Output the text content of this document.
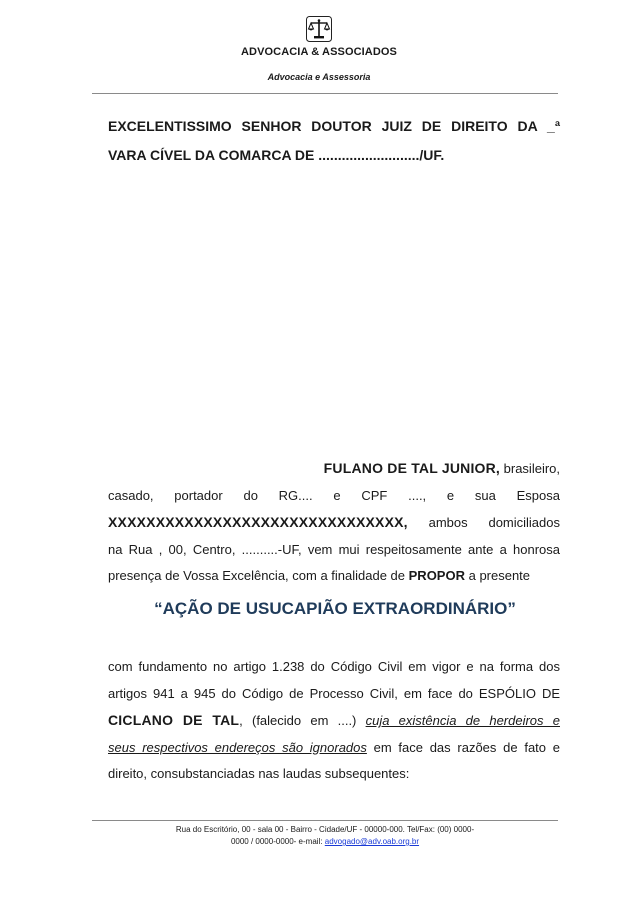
ADVOCACIA & ASSOCIADOS
Advocacia e Assessoria
EXCELENTISSIMO SENHOR DOUTOR JUIZ DE DIREITO DA _ª
VARA CÍVEL DA COMARCA DE ........................../UF.
FULANO DE TAL JUNIOR, brasileiro,
casado, portador do RG.... e CPF ...., e sua Esposa
XXXXXXXXXXXXXXXXXXXXXXXXXXXXXXX, ambos domiciliados
na Rua , 00, Centro, ..........-UF, vem mui respeitosamente ante a honrosa
presença de Vossa Excelência, com a finalidade de PROPOR a presente
“AÇÃO DE USUCAPIÃO EXTRAORDINÁRIO”
com fundamento no artigo 1.238 do Código Civil em vigor e na forma dos
artigos 941 a 945 do Código de Processo Civil, em face do ESPÓLIO DE
CICLANO DE TAL, (falecido em ....) cuja existência de herdeiros e
seus respectivos endereços são ignorados em face das razões de fato e
direito, consubstanciadas nas laudas subsequentes:
Rua do Escritório, 00 - sala 00 - Bairro - Cidade/UF - 00000-000. Tel/Fax: (00) 0000-
0000 / 0000-0000- e-mail: advogado@adv.oab.org.br
